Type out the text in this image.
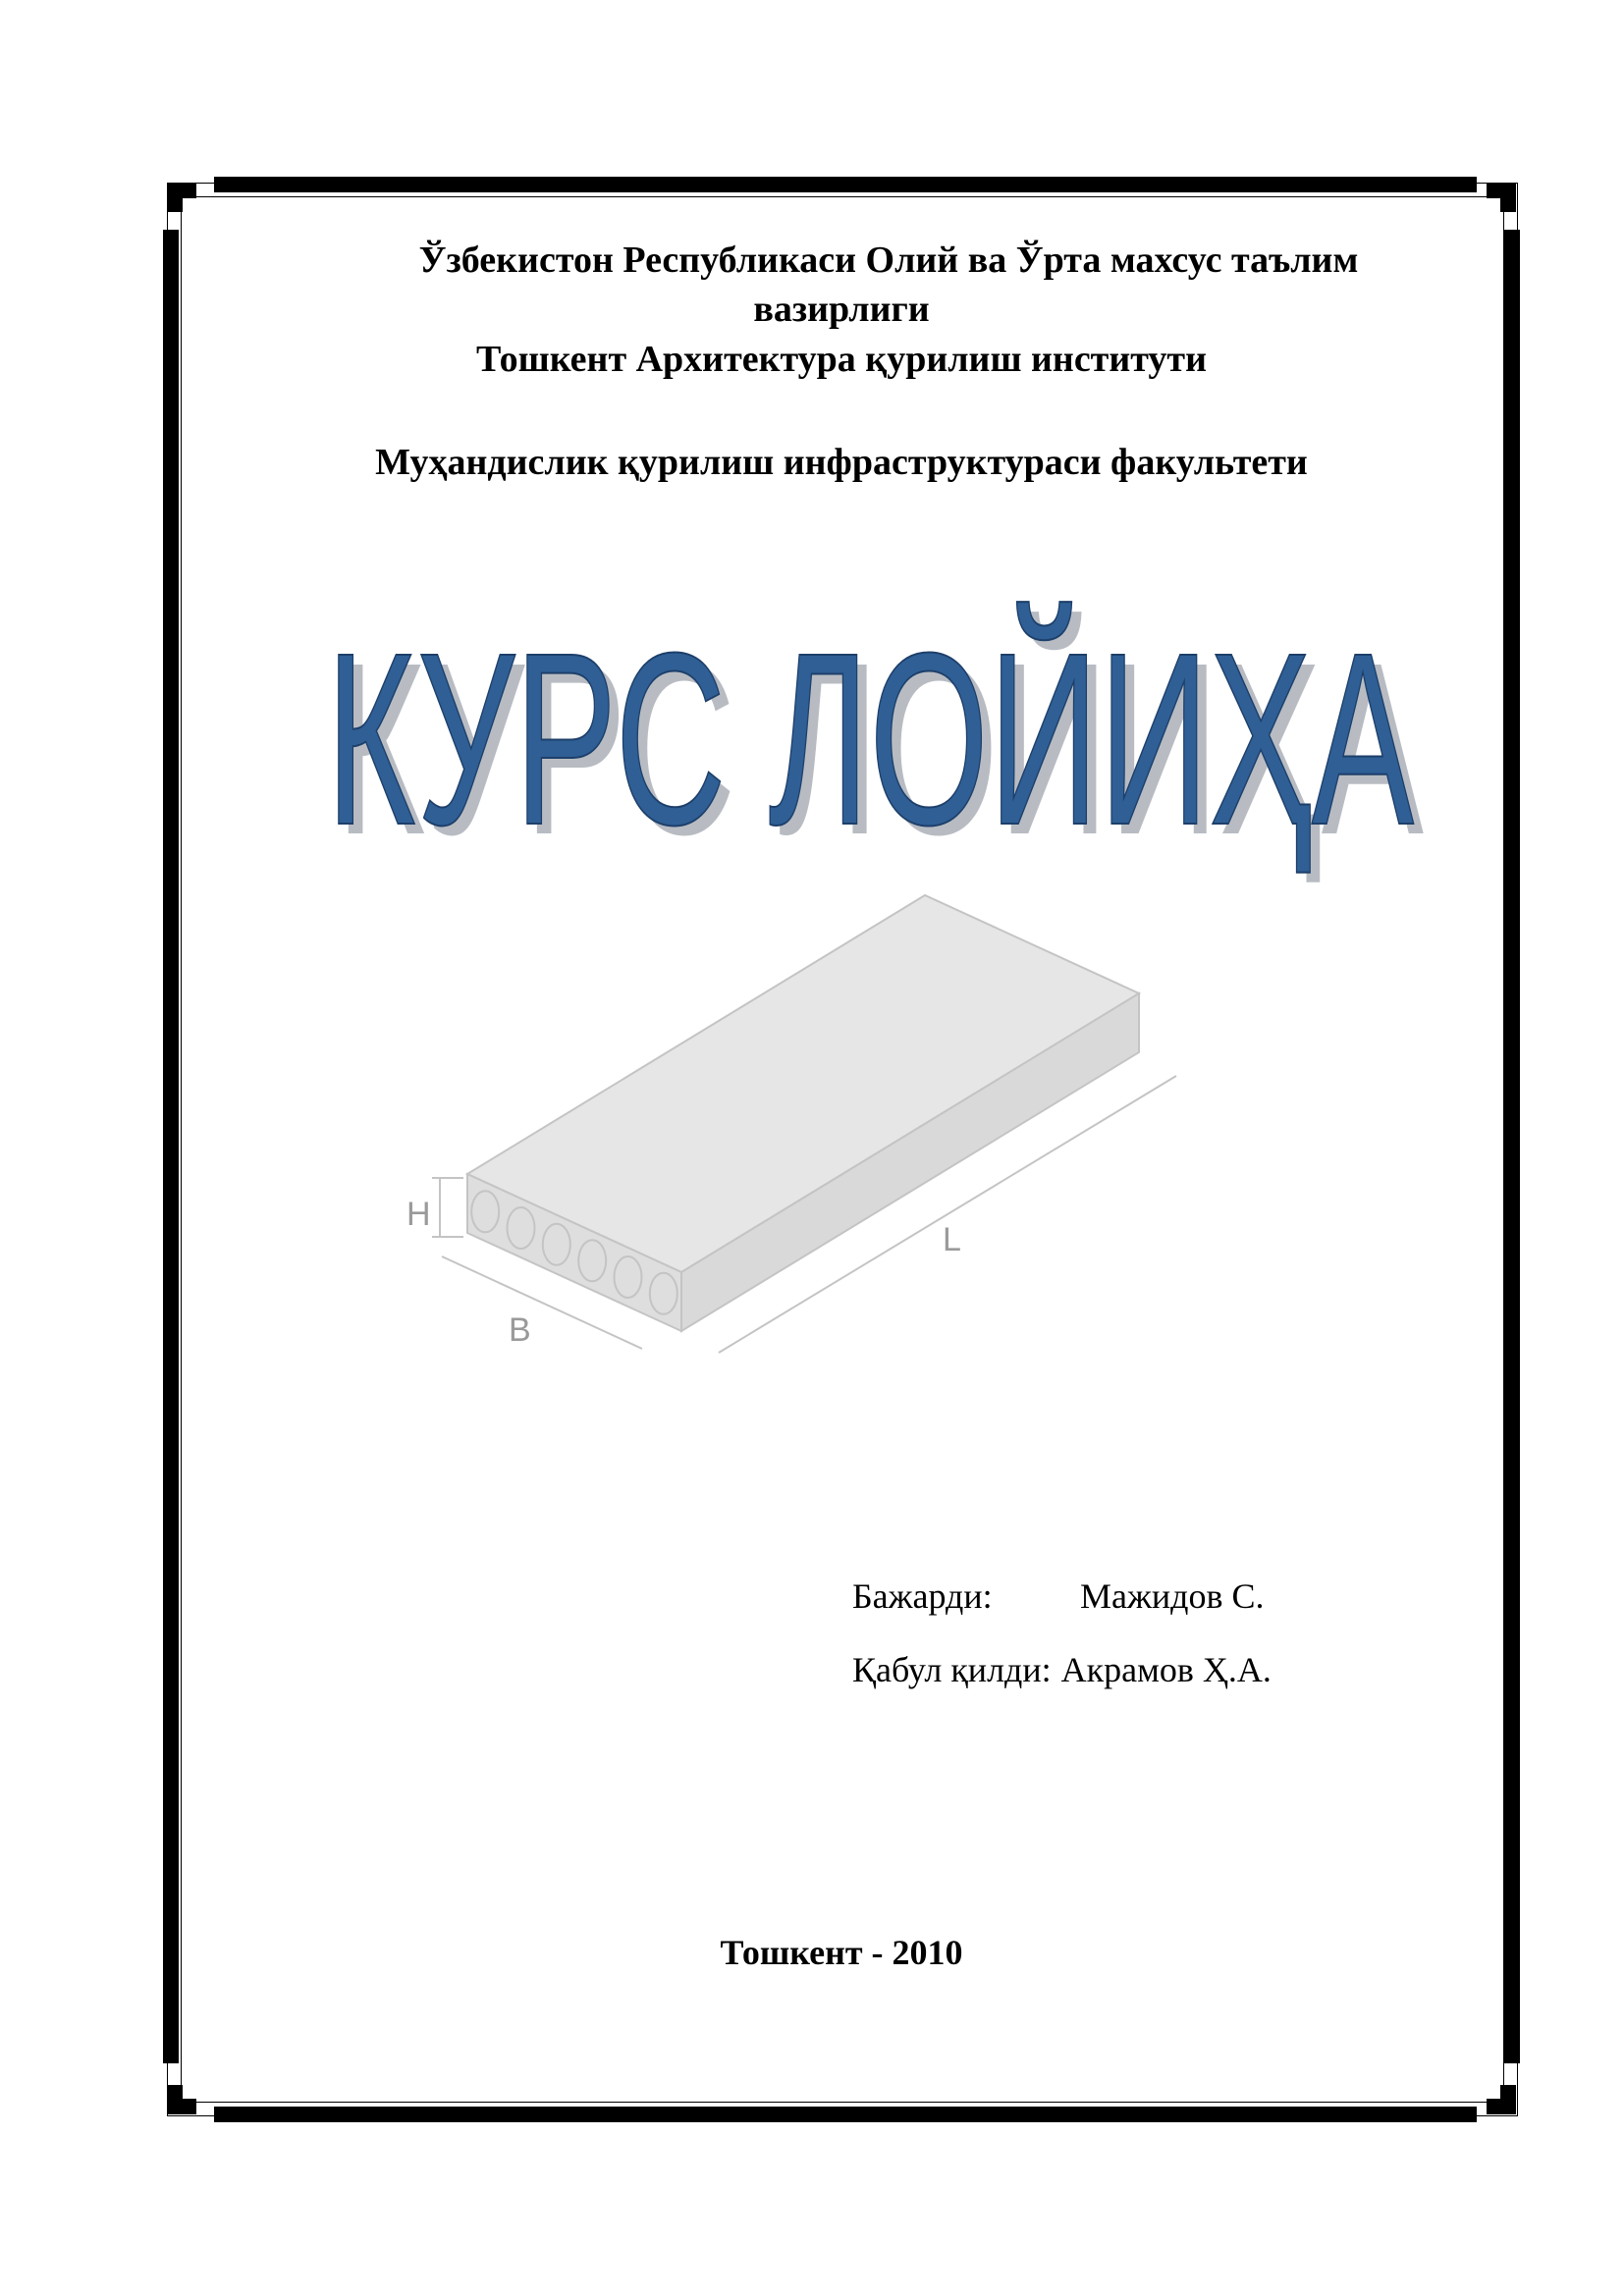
Ўзбекистон Республикаси Олий ва Ўрта махсус таълим
вазирлиги
Тошкент Архитектура қурилиш институти
Муҳандислик қурилиш инфраструктураси факультети
КУРС ЛОЙИҲА
КУРС ЛОЙИҲА
H
B
L
Бажарди: Мажидов С.
Қабул қилди: Акрамов Ҳ.А.
Тошкент - 2010
